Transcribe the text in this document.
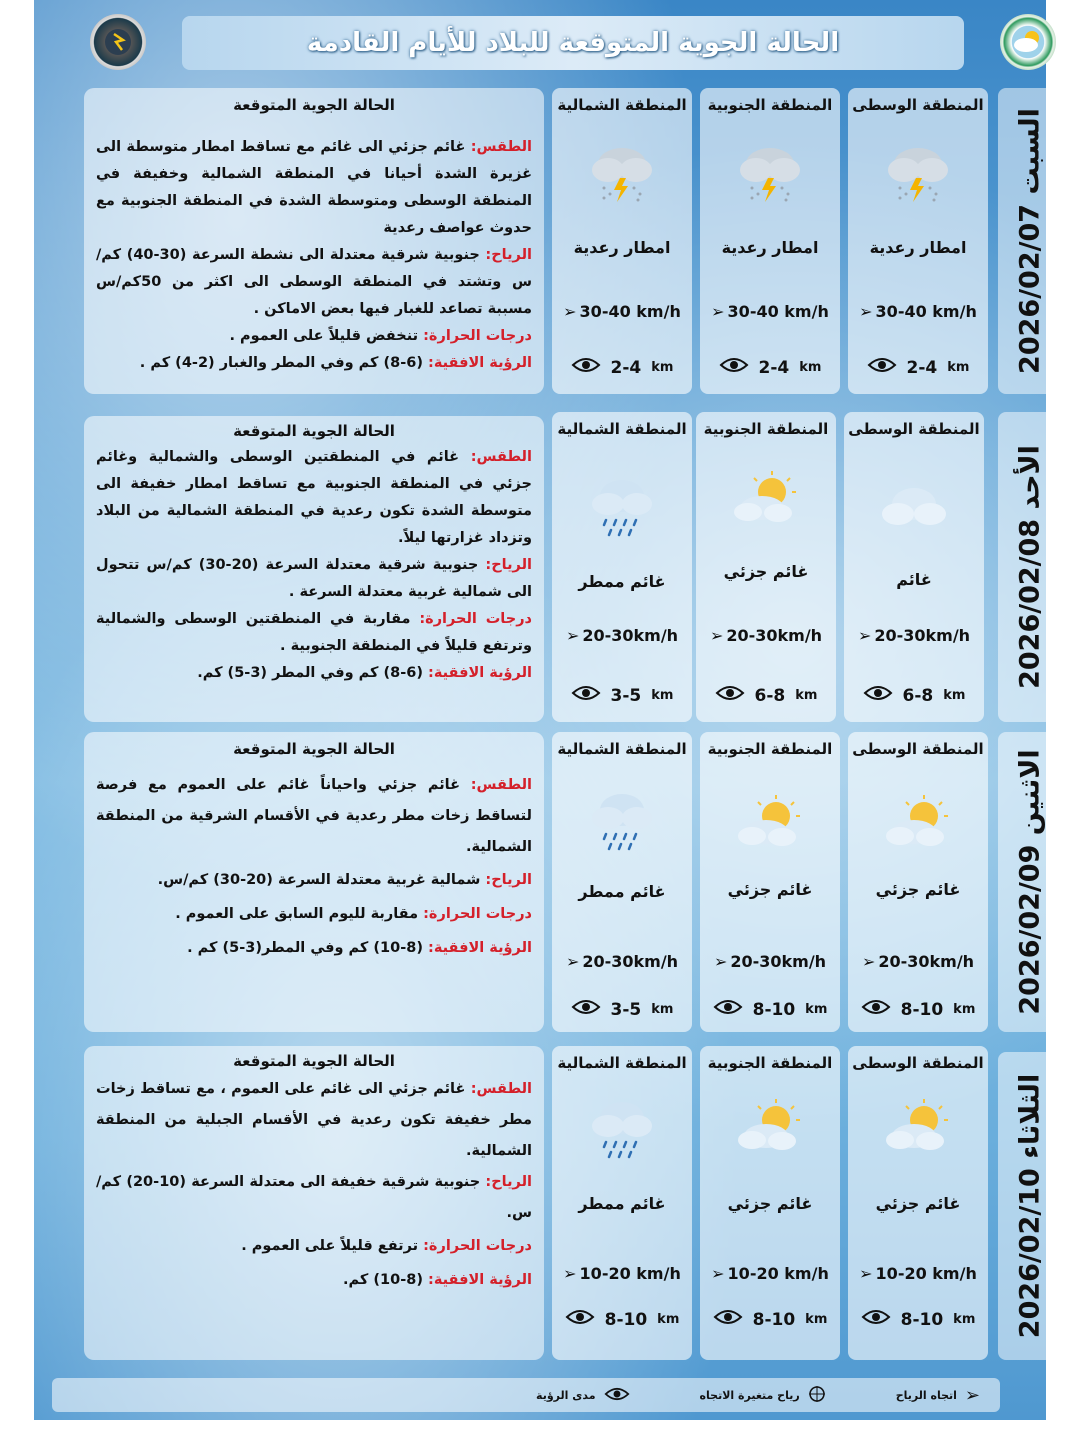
الحالة الجوية المتوقعة للبلاد للأيام القادمة
الحالة الجوية المتوقعة

الطقس: غائم جزئي الى غائم مع تساقط امطار متوسطة الى غزيرة الشدة أحيانا في المنطقة الشمالية وخفيفة في المنطقة الوسطى ومتوسطة الشدة في المنطقة الجنوبية مع حدوث عواصف رعدية

الرياح: جنوبية شرقية معتدلة الى نشطة السرعة (30-40) كم/س وتشتد في المنطقة الوسطى الى اكثر من 50كم/س مسببة تصاعد للغبار فيها بعض الاماكن .

درجات الحرارة: تنخفض قليلاً على العموم .

الرؤية الافقية: (6-8) كم وفي المطر والغبار (2-4) كم .

المنطقة الشمالية
امطار رعدية
➢ 30-40 km/h
2-4 km
المنطقة الجنوبية
امطار رعدية
➢ 30-40 km/h
2-4 km
المنطقة الوسطى
امطار رعدية
➢ 30-40 km/h
2-4 km السبت 2026/02/07
الحالة الجوية المتوقعة

الطقس: غائم في المنطقتين الوسطى والشمالية وغائم جزئي في المنطقة الجنوبية مع تساقط امطار خفيفة الى متوسطة الشدة تكون رعدية في المنطقة الشمالية من البلاد وتزداد غزارتها ليلاً.

الرياح: جنوبية شرقية معتدلة السرعة (20-30) كم/س تتحول الى شمالية غربية معتدلة السرعة .

درجات الحرارة: مقاربة في المنطقتين الوسطى والشمالية وترتفع قليلاً في المنطقة الجنوبية .

الرؤية الافقية: (6-8) كم وفي المطر (3-5) كم.

المنطقة الشمالية
غائم ممطر
➢ 20-30km/h
3-5 km
المنطقة الجنوبية
غائم جزئي
➢ 20-30km/h
6-8 km
المنطقة الوسطى
غائم
➢ 20-30km/h
6-8 km
الأحد 2026/02/08
الحالة الجوية المتوقعة

الطقس: غائم جزئي واحياناً غائم على العموم مع فرصة لتساقط زخات مطر رعدية في الأقسام الشرقية من المنطقة الشمالية.

الرياح: شمالية غربية معتدلة السرعة (20-30) كم/س.

درجات الحرارة: مقاربة لليوم السابق على العموم .

الرؤية الافقية: (8-10) كم وفي المطر(3-5) كم .

المنطقة الشمالية
غائم ممطر
➢ 20-30km/h
3-5 km
المنطقة الجنوبية
غائم جزئي
➢ 20-30km/h
8-10 km
المنطقة الوسطى
غائم جزئي
➢ 20-30km/h
8-10 km الاثنين 2026/02/09
الحالة الجوية المتوقعة

الطقس: غائم جزئي الى غائم على العموم ، مع تساقط زخات مطر خفيفة تكون رعدية في الأقسام الجبلية من المنطقة الشمالية.

الرياح: جنوبية شرقية خفيفة الى معتدلة السرعة (10-20) كم/س.

درجات الحرارة: ترتفع قليلاً على العموم .

الرؤية الافقية: (8-10) كم.

المنطقة الشمالية
غائم ممطر
➢ 10-20 km/h
8-10 km
المنطقة الجنوبية
غائم جزئي
➢ 10-20 km/h
8-10 km
المنطقة الوسطى
غائم جزئي
➢ 10-20 km/h
8-10 km الثلاثاء 2026/02/10
➢
اتجاه الرياح
رياح متغيرة الاتجاه
مدى الرؤية
